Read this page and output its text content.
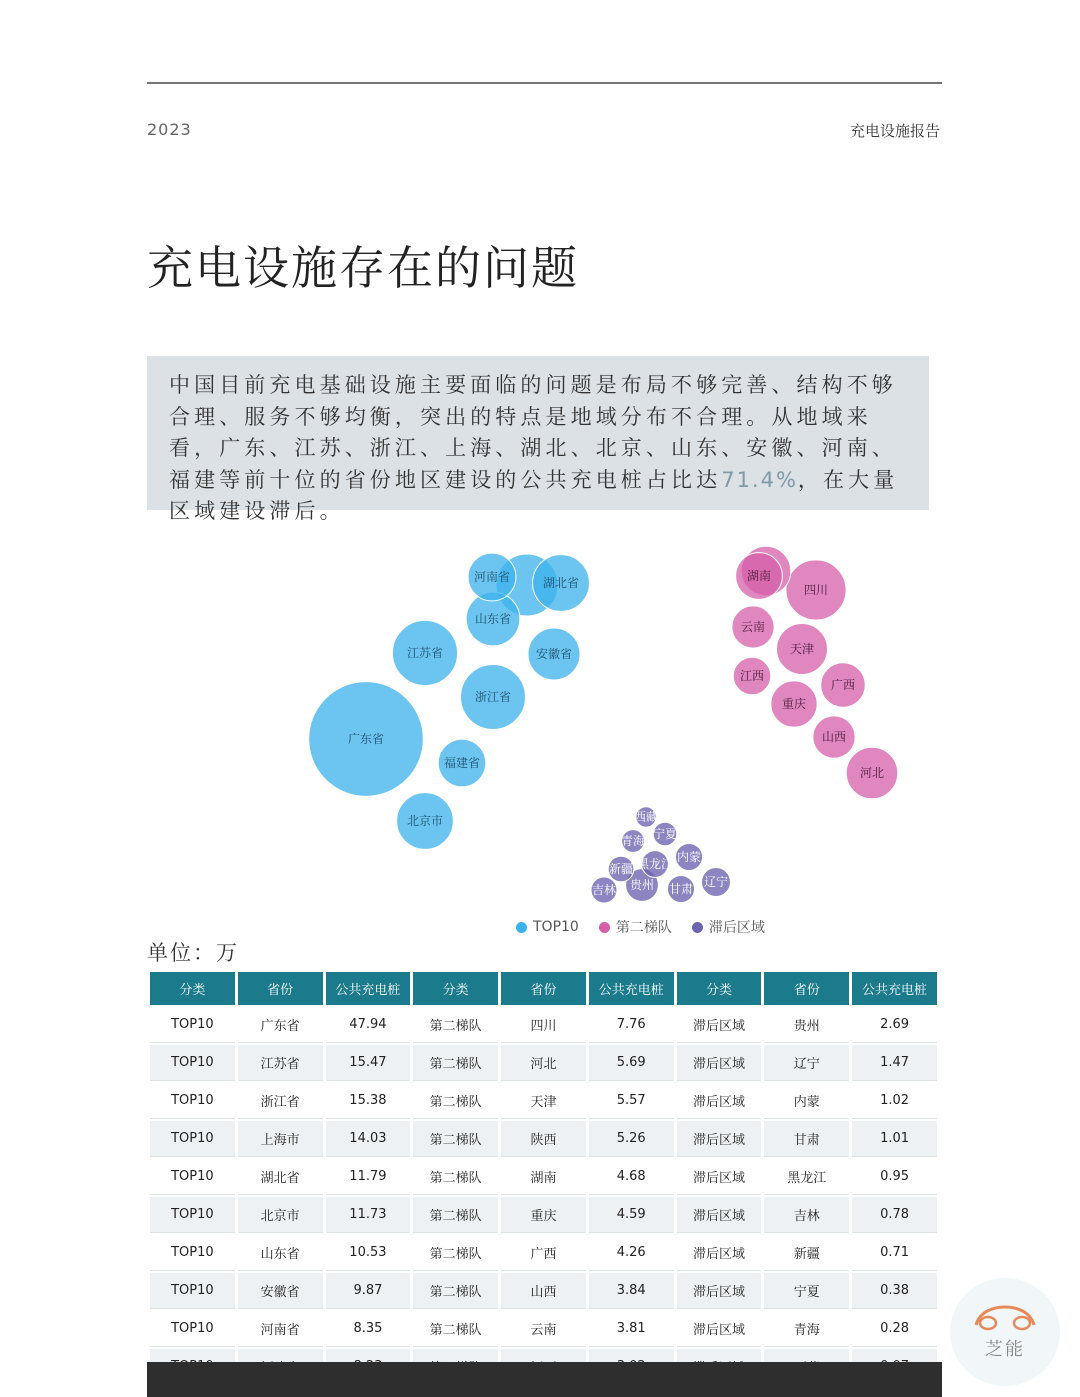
2023	充电设施报告
充电设施存在的问题
中国目前充电基础设施主要面临的问题是布局不够完善、结构不够合理、服务不够均衡，突出的特点是地域分布不合理。从地域来看，广东、江苏、浙江、上海、湖北、北京、山东、安徽、河南、福建等前十位的省份地区建设的公共充电桩占比达71.4%，在大量区域建设滞后。
广东省
江苏省
浙江省
湖北省
北京市
山东省
安徽省
河南省
福建省
四川
河北
天津
湖南
重庆
广西
山西
云南
江西
贵州	辽宁
内蒙
甘肃
黑龙江
吉林
新疆
宁夏
青海
西藏
TOP10	第二梯队	滞后区域
单位：万
分类	省份	公共充电桩	分类	省份	公共充电桩	分类	省份	公共充电桩
TOP10	广东省	47.94	第二梯队	四川	7.76	滞后区域	贵州	2.69
TOP10	江苏省	15.47	第二梯队	河北	5.69	滞后区域	辽宁	1.47
TOP10	浙江省	15.38	第二梯队	天津	5.57	滞后区域	内蒙	1.02
TOP10	上海市	14.03	第二梯队	陕西	5.26	滞后区域	甘肃	1.01
TOP10	湖北省	11.79	第二梯队	湖南	4.68	滞后区域	黑龙江	0.95
TOP10	北京市	11.73	第二梯队	重庆	4.59	滞后区域	吉林	0.78
TOP10	山东省	10.53	第二梯队	广西	4.26	滞后区域	新疆	0.71
TOP10	安徽省	9.87	第二梯队	山西	3.84	滞后区域	宁夏	0.38
TOP10	河南省	8.35	第二梯队	云南	3.81	滞后区域	青海	0.28

芝能
